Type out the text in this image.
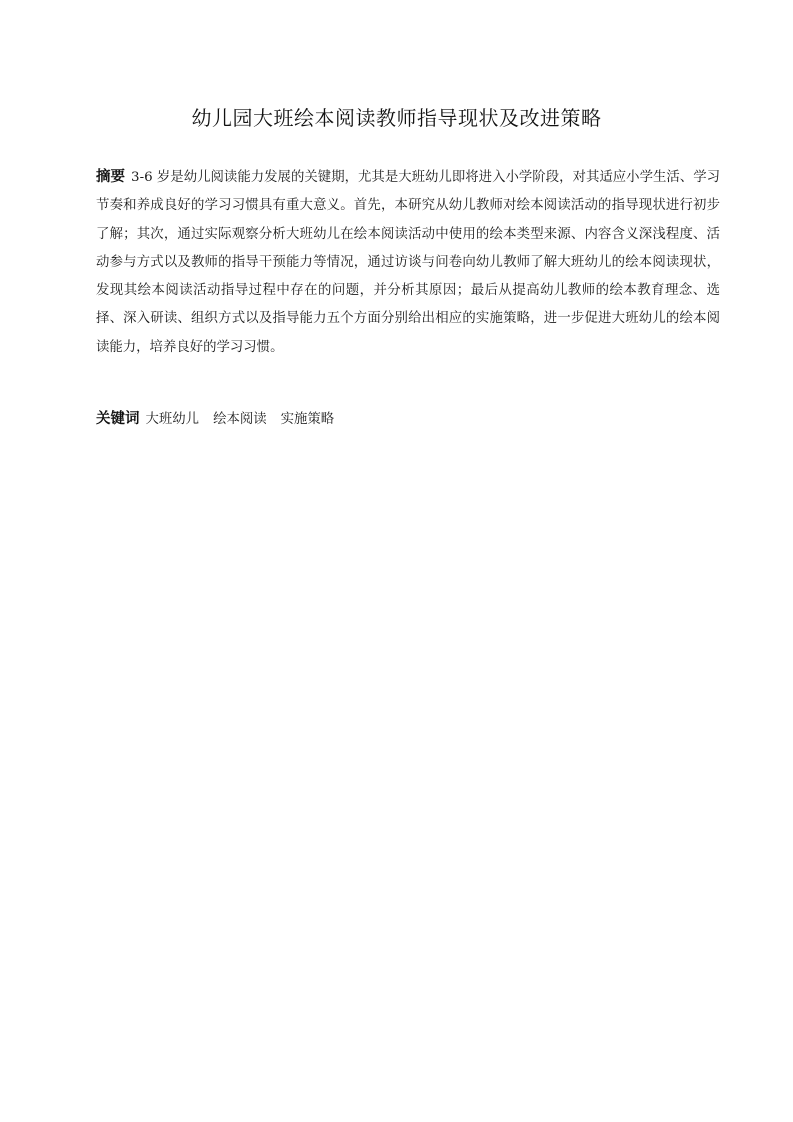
幼儿园大班绘本阅读教师指导现状及改进策略
摘要 3-6 岁是幼儿阅读能力发展的关键期，尤其是大班幼儿即将进入小学阶段，对其适应小学生活、学习节奏和养成良好的学习习惯具有重大意义。首先，本研究从幼儿教师对绘本阅读活动的指导现状进行初步了解；其次，通过实际观察分析大班幼儿在绘本阅读活动中使用的绘本类型来源、内容含义深浅程度、活动参与方式以及教师的指导干预能力等情况，通过访谈与问卷向幼儿教师了解大班幼儿的绘本阅读现状，发现其绘本阅读活动指导过程中存在的问题，并分析其原因；最后从提高幼儿教师的绘本教育理念、选择、深入研读、组织方式以及指导能力五个方面分别给出相应的实施策略，进一步促进大班幼儿的绘本阅读能力，培养良好的学习习惯。
关键词 大班幼儿 绘本阅读 实施策略
